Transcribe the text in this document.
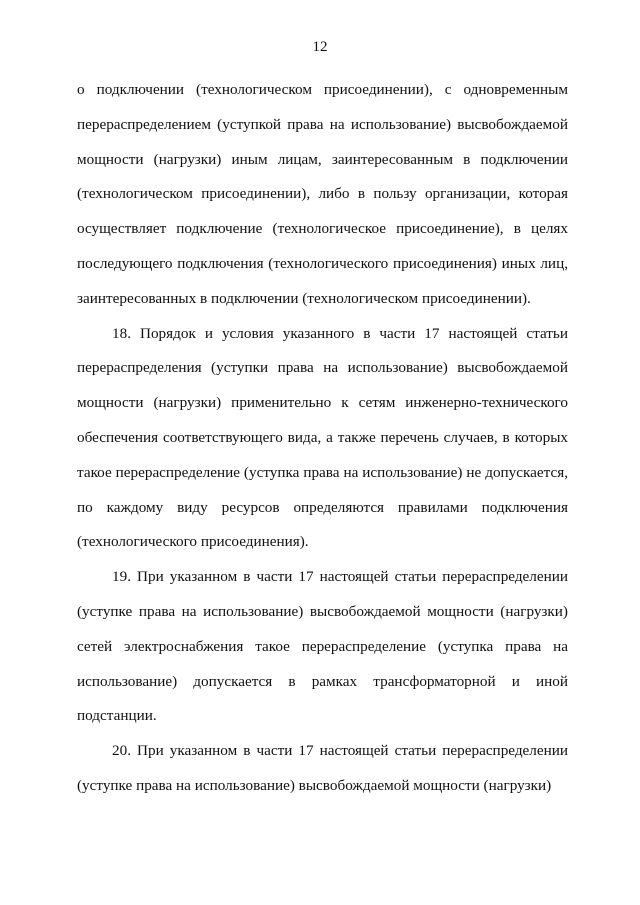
12

о подключении (технологическом присоединении), с одновременным перераспределением (уступкой права на использование) высвобождаемой мощности (нагрузки) иным лицам, заинтересованным в подключении (технологическом присоединении), либо в пользу организации, которая осуществляет подключение (технологическое присоединение), в целях последующего подключения (технологического присоединения) иных лиц, заинтересованных в подключении (технологическом присоединении).

18. Порядок и условия указанного в части 17 настоящей статьи перераспределения (уступки права на использование) высвобождаемой мощности (нагрузки) применительно к сетям инженерно-технического обеспечения соответствующего вида, а также перечень случаев, в которых такое перераспределение (уступка права на использование) не допускается, по каждому виду ресурсов определяются правилами подключения (технологического присоединения).

19. При указанном в части 17 настоящей статьи перераспределении (уступке права на использование) высвобождаемой мощности (нагрузки) сетей электроснабжения такое перераспределение (уступка права на использование) допускается в рамках трансформаторной и иной подстанции.

20. При указанном в части 17 настоящей статьи перераспределении (уступке права на использование) высвобождаемой мощности (нагрузки)
